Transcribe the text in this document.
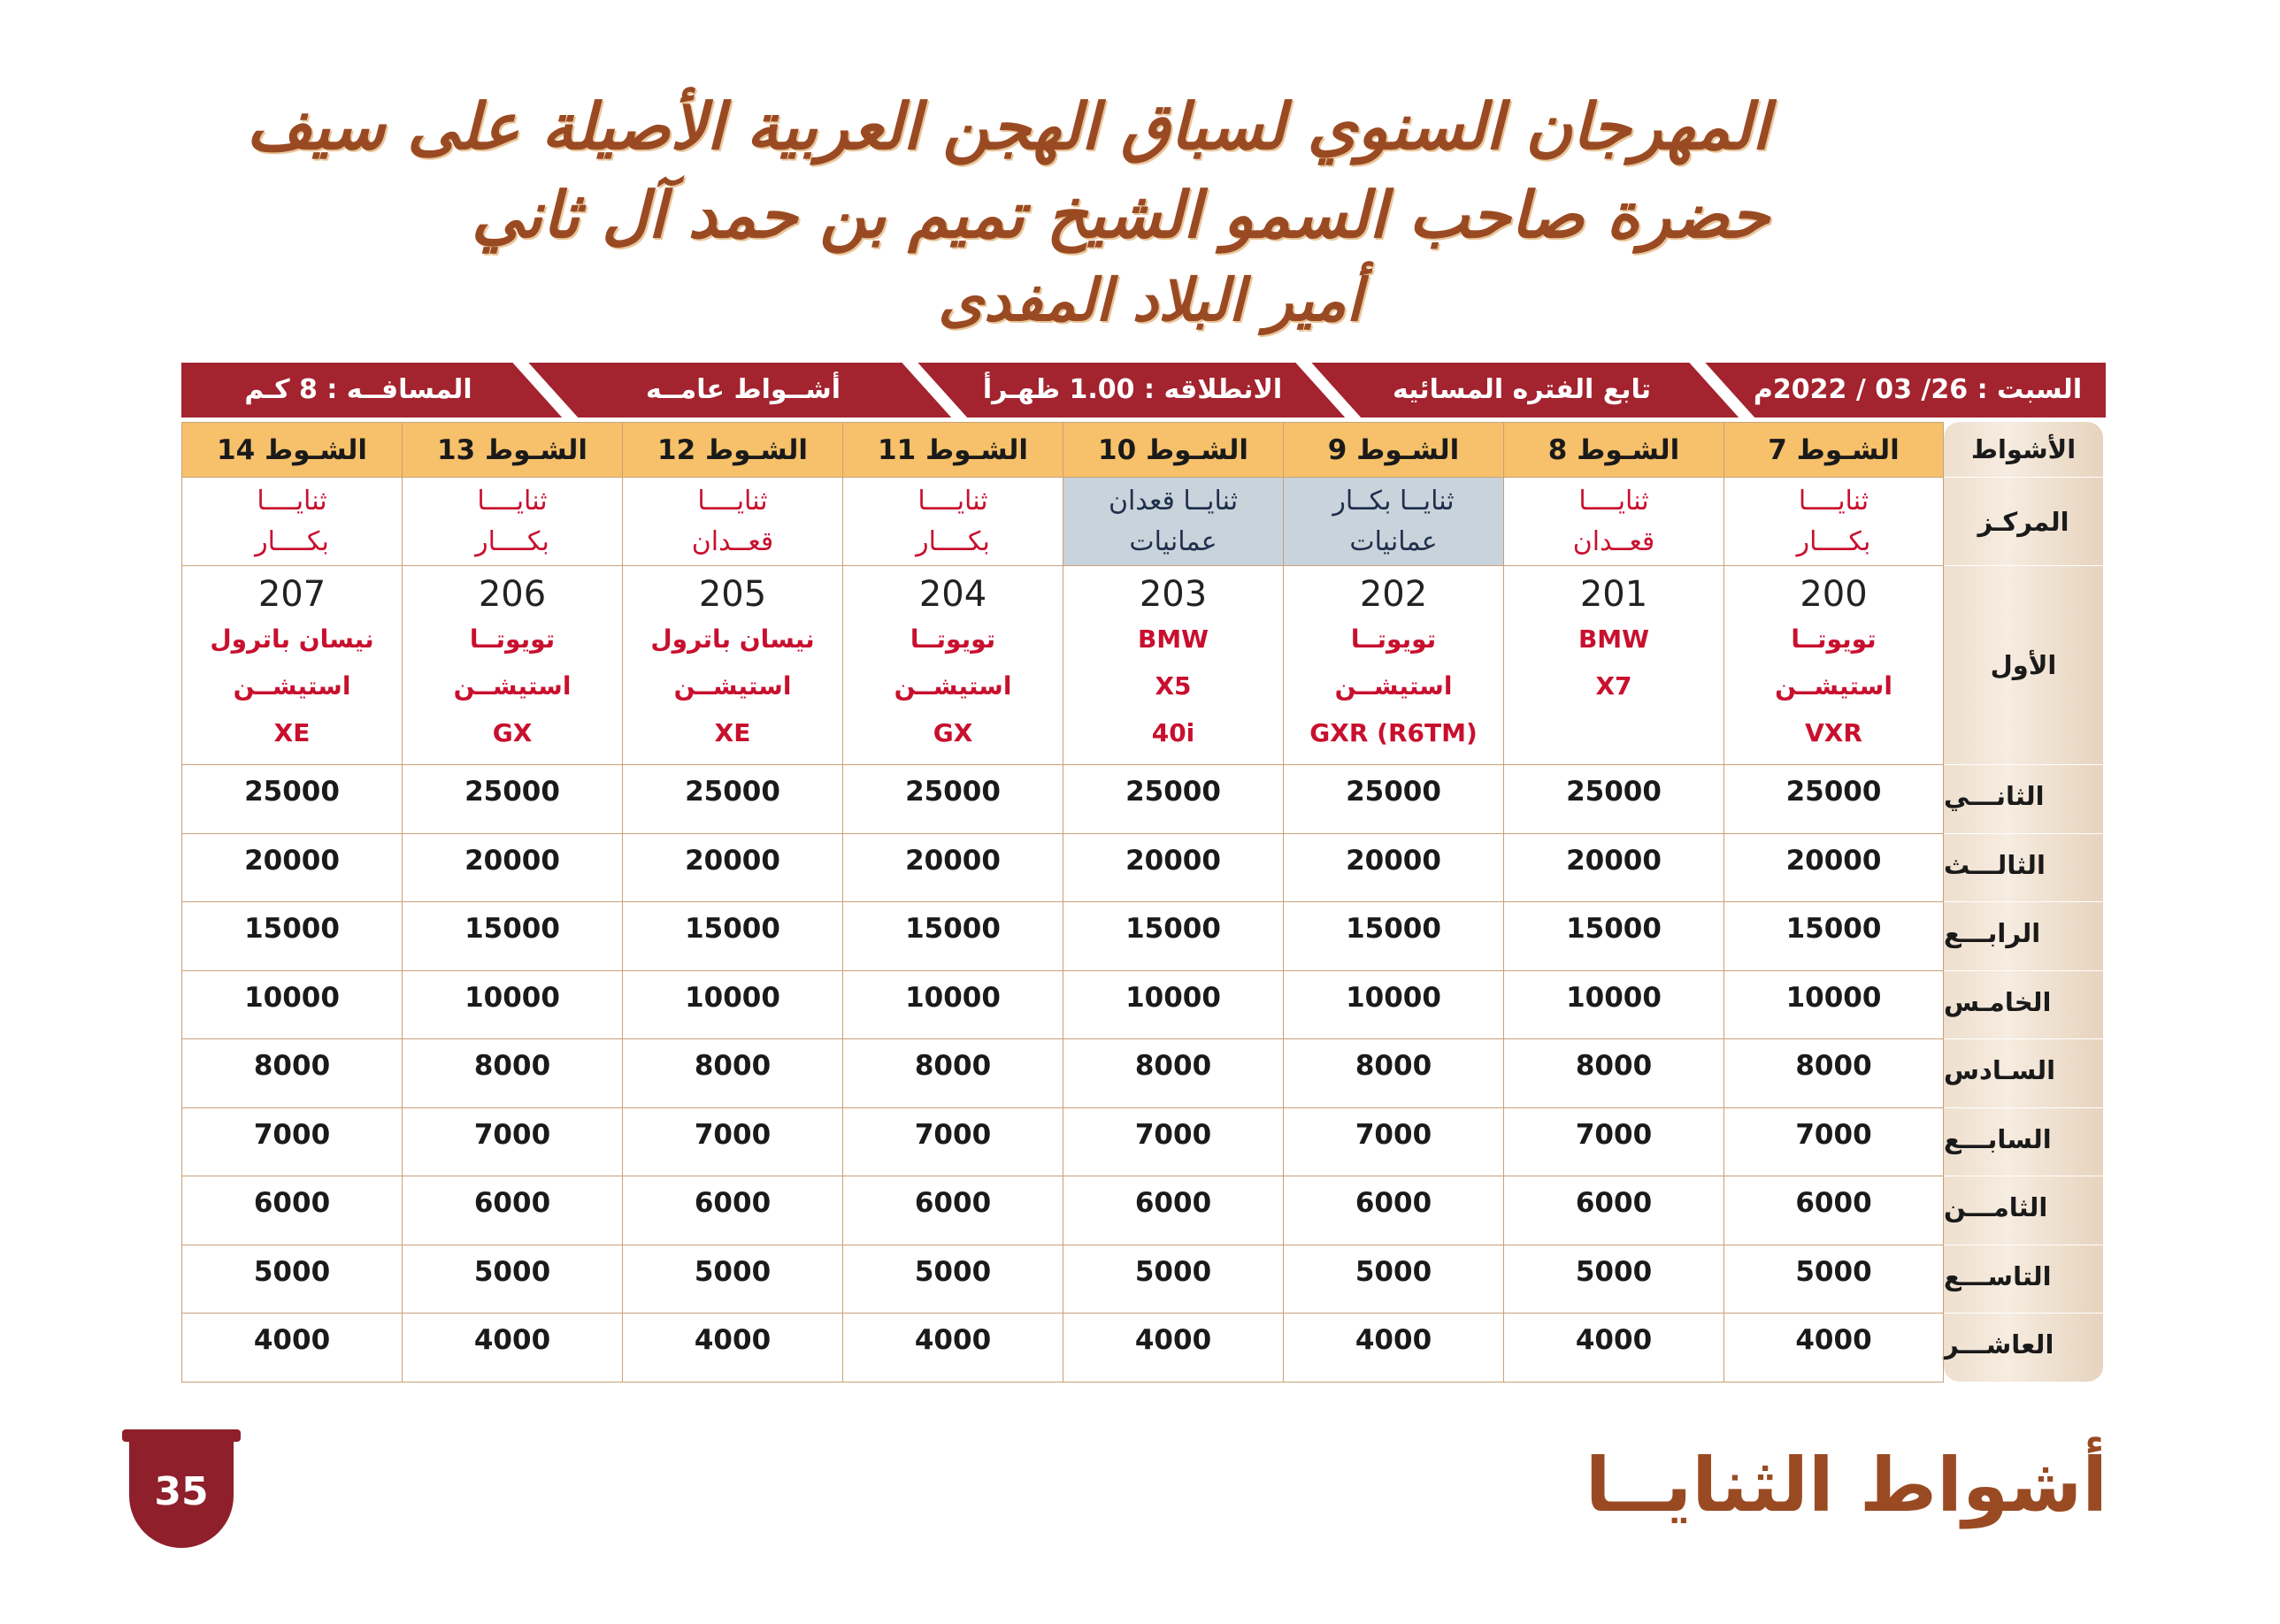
المهرجان السنوي لسباق الهجن العربية الأصيلة على سيف
حضرة صاحب السمو الشيخ تميم بن حمد آل ثاني
أمير البلاد المفدى
السبت : 26/ 03 / 2022م
تابع الفتره المسائيه
الانطلاقه : 1.00 ظهـرأ
أشــواط عامــه
المسافــه : 8 كـم
الأشواط
الشـوط 7
الشـوط 8
الشـوط 9
الشـوط 10
الشـوط 11
الشـوط 12
الشـوط 13
الشـوط 14
المركـز
ثنايــــا
بكــــار
ثنايــــا
قعــدان
ثنايــا بكــار
عمانيات
ثنايــا قعدان
عمانيات
ثنايــــا
بكــــار
ثنايــــا
قعــدان
ثنايــــا
بكــــار
ثنايــــا
بكــــار
الأول
200
تويوتــا
استيشــن
VXR
201
BMW
X7
202
تويوتــا
استيشــن
GXR (R6TM)
203
BMW
X5
40i
204
تويوتــا
استيشــن
GX
205
نيسان باترول
استيشــن
XE
206
تويوتــا
استيشــن
GX
207
نيسان باترول
استيشــن
XE
الثانـــي
25000
25000
25000
25000
25000
25000
25000
25000
الثالـــث
20000
20000
20000
20000
20000
20000
20000
20000
الرابـــع
15000
15000
15000
15000
15000
15000
15000
15000
الخامـس
10000
10000
10000
10000
10000
10000
10000
10000
السـادس
8000
8000
8000
8000
8000
8000
8000
8000
السابـــع
7000
7000
7000
7000
7000
7000
7000
7000
الثامـــن
6000
6000
6000
6000
6000
6000
6000
6000
التاســـع
5000
5000
5000
5000
5000
5000
5000
5000
العاشـــر
4000
4000
4000
4000
4000
4000
4000
4000
35	أشواط الثنايــا
